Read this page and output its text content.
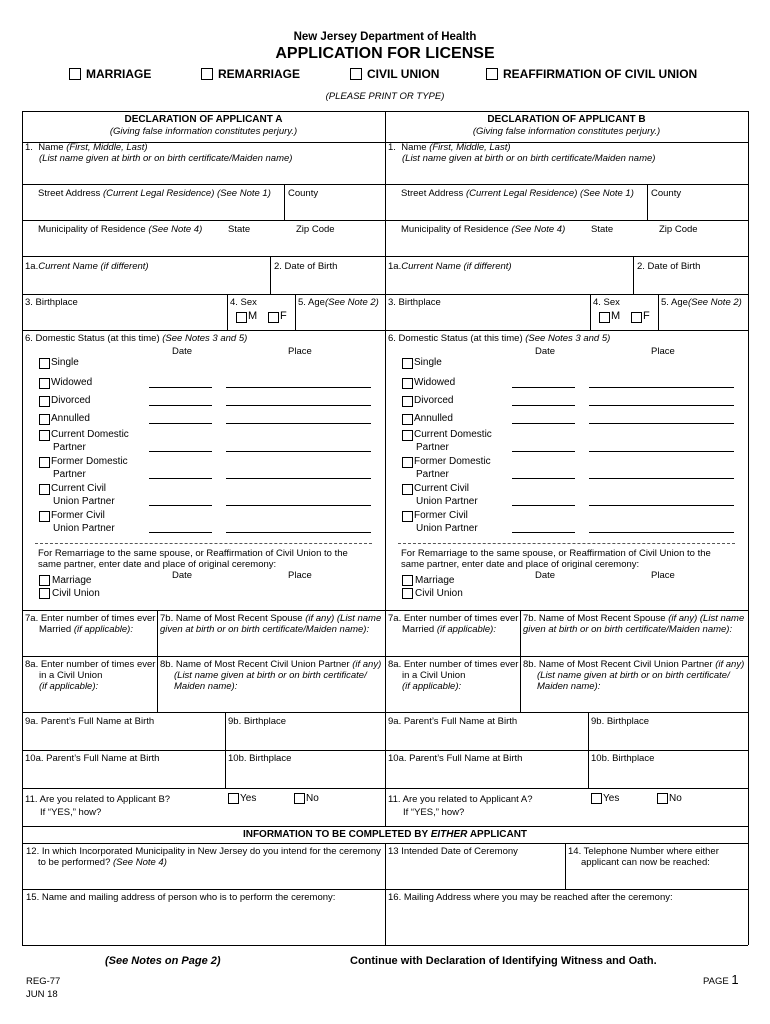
New Jersey Department of Health
APPLICATION FOR LICENSE
MARRIAGE	REMARRIAGE	CIVIL UNION	REAFFIRMATION OF CIVIL UNION
(PLEASE PRINT OR TYPE)
DECLARATION OF APPLICANT A
(Giving false information constitutes perjury.)
1. Name (First, Middle, Last)
(List name given at birth or on birth certificate/Maiden name)
Street Address (Current Legal Residence) (See Note 1) County
Municipality of Residence (See Note 4)	State	Zip Code
1a.Current Name (if different)	2. Date of Birth
3. Birthplace	4. Sex	5. Age(See Note 2)
M F
6. Domestic Status (at this time) (See Notes 3 and 5)
Date	Place
Single
Widowed
Divorced
Annulled
Current Domestic
Partner
Former Domestic
Partner
Current Civil
Union Partner
Former Civil
Union Partner
For Remarriage to the same spouse, or Reaffirmation of Civil Union to the
same partner, enter date and place of original ceremony:
Date	Place
Marriage
Civil Union
7a. Enter number of times ever
Married (if applicable):
7b. Name of Most Recent Spouse (if any) (List name
given at birth or on birth certificate/Maiden name):
8a. Enter number of times ever
in a Civil Union
(if applicable):
8b. Name of Most Recent Civil Union Partner (if any)
(List name given at birth or on birth certificate/
Maiden name):
9a. Parent’s Full Name at Birth	9b. Birthplace
10a. Parent’s Full Name at Birth	10b. Birthplace
11. Are you related to Applicant B?	Yes	No
If “YES,” how?
DECLARATION OF APPLICANT B
(Giving false information constitutes perjury.)
1. Name (First, Middle, Last)
(List name given at birth or on birth certificate/Maiden name)
Street Address (Current Legal Residence) (See Note 1) County
Municipality of Residence (See Note 4)	State	Zip Code
1a.Current Name (if different)	2. Date of Birth
3. Birthplace	4. Sex	5. Age(See Note 2)
M F
6. Domestic Status (at this time) (See Notes 3 and 5)
Date	Place
Single
Widowed
Divorced
Annulled
Current Domestic
Partner
Former Domestic
Partner
Current Civil
Union Partner
Former Civil
Union Partner
For Remarriage to the same spouse, or Reaffirmation of Civil Union to the
same partner, enter date and place of original ceremony:
Date	Place
Marriage
Civil Union
7a. Enter number of times ever
Married (if applicable):
7b. Name of Most Recent Spouse (if any) (List name
given at birth or on birth certificate/Maiden name):
8a. Enter number of times ever
in a Civil Union
(if applicable):
8b. Name of Most Recent Civil Union Partner (if any)
(List name given at birth or on birth certificate/
Maiden name):
9a. Parent’s Full Name at Birth	9b. Birthplace
10a. Parent’s Full Name at Birth	10b. Birthplace
11. Are you related to Applicant A?	Yes	No
If “YES,” how?
INFORMATION TO BE COMPLETED BY EITHER APPLICANT
12. In which Incorporated Municipality in New Jersey do you intend for the ceremony
to be performed? (See Note 4)
13 Intended Date of Ceremony	14. Telephone Number where either
applicant can now be reached:
15. Name and mailing address of person who is to perform the ceremony:	16. Mailing Address where you may be reached after the ceremony:
(See Notes on Page 2)	Continue with Declaration of Identifying Witness and Oath.
REG-77
JUN 18
PAGE 1
